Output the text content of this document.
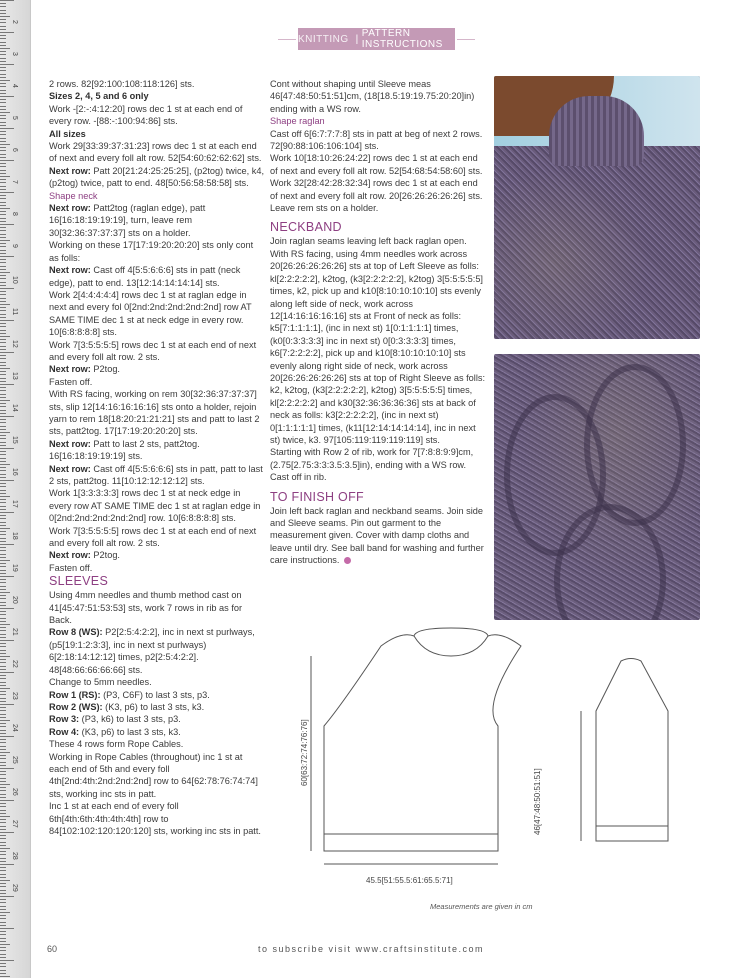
2
3
4
5
6
7
8
9
10
11
12
13
14
15
16
17
18
19
20
21
22
23
24
25
26
27
28
29
KNITTING | PATTERN INSTRUCTIONS

2 rows. 82[92:100:108:118:126] sts.

Sizes 2, 4, 5 and 6 only

Work -[2:-:4:12:20] rows dec 1 st at each end of every row. -[88:-:100:94:86] sts.

All sizes

Work 29[33:39:37:31:23] rows dec 1 st at each end of next and every foll alt row. 52[54:60:62:62:62] sts.

Next row: Patt 20[21:24:25:25:25], (p2tog) twice, k4, (p2tog) twice, patt to end. 48[50:56:58:58:58] sts.

Shape neck

Next row: Patt2tog (raglan edge), patt 16[16:18:19:19:19], turn, leave rem 30[32:36:37:37:37] sts on a holder.

Working on these 17[17:19:20:20:20] sts only cont as folls:

Next row: Cast off 4[5:5:6:6:6] sts in patt (neck edge), patt to end. 13[12:14:14:14:14] sts.

Work 2[4:4:4:4:4] rows dec 1 st at raglan edge in next and every fol 0[2nd:2nd:2nd:2nd:2nd] row AT SAME TIME dec 1 st at neck edge in every row. 10[6:8:8:8:8] sts.

Work 7[3:5:5:5:5] rows dec 1 st at each end of next and every foll alt row. 2 sts.

Next row: P2tog.

Fasten off.

With RS facing, working on rem 30[32:36:37:37:37] sts, slip 12[14:16:16:16:16] sts onto a holder, rejoin yarn to rem 18[18:20:21:21:21] sts and patt to last 2 sts, patt2tog. 17[17:19:20:20:20] sts.

Next row: Patt to last 2 sts, patt2tog. 16[16:18:19:19:19] sts.

Next row: Cast off 4[5:5:6:6:6] sts in patt, patt to last 2 sts, patt2tog. 11[10:12:12:12:12] sts.

Work 1[3:3:3:3:3] rows dec 1 st at neck edge in every row AT SAME TIME dec 1 st at raglan edge in 0[2nd:2nd:2nd:2nd:2nd] row. 10[6:8:8:8:8] sts.

Work 7[3:5:5:5:5] rows dec 1 st at each end of next and every foll alt row. 2 sts.

Next row: P2tog.

Fasten off.

SLEEVES

Using 4mm needles and thumb method cast on 41[45:47:51:53:53] sts, work 7 rows in rib as for Back.

Row 8 (WS): P2[2:5:4:2:2], inc in next st purlways, (p5[19:1:2:3:3], inc in next st purlways) 6[2:18:14:12:12] times, p2[2:5:4:2:2]. 48[48:66:66:66:66] sts.

Change to 5mm needles.

Row 1 (RS): (P3, C6F) to last 3 sts, p3.

Row 2 (WS): (K3, p6) to last 3 sts, k3.

Row 3: (P3, k6) to last 3 sts, p3.

Row 4: (K3, p6) to last 3 sts, k3.

These 4 rows form Rope Cables.

Working in Rope Cables (throughout) inc 1 st at each end of 5th and every foll 4th[2nd:4th:2nd:2nd:2nd] row to 64[62:78:76:74:74] sts, working inc sts in patt.

Inc 1 st at each end of every foll 6th[4th:6th:4th:4th:4th] row to 84[102:102:120:120:120] sts, working inc sts in patt.

Cont without shaping until Sleeve meas 46[47:48:50:51:51]cm, (18[18.5:19:19.75:20:20]in) ending with a WS row.

Shape raglan

Cast off 6[6:7:7:7:8] sts in patt at beg of next 2 rows. 72[90:88:106:106:104] sts.

Work 10[18:10:26:24:22] rows dec 1 st at each end of next and every foll alt row. 52[54:68:54:58:60] sts.

Work 32[28:42:28:32:34] rows dec 1 st at each end of next and every foll alt row. 20[26:26:26:26:26] sts.

Leave rem sts on a holder.

NECKBAND

Join raglan seams leaving left back raglan open. With RS facing, using 4mm needles work across 20[26:26:26:26:26] sts at top of Left Sleeve as folls: kl[2:2:2:2:2], k2tog, (k3[2:2:2:2:2], k2tog) 3[5:5:5:5:5] times, k2, pick up and k10[8:10:10:10:10] sts evenly along left side of neck, work across 12[14:16:16:16:16] sts at Front of neck as folls: k5[7:1:1:1:1], (inc in next st) 1[0:1:1:1:1] times, (k0[0:3:3:3:3] inc in next st) 0[0:3:3:3:3] times, k6[7:2:2:2:2], pick up and k10[8:10:10:10:10] sts evenly along right side of neck, work across 20[26:26:26:26:26] sts at top of Right Sleeve as folls: k2, k2tog, (k3[2:2:2:2:2], k2tog) 3[5:5:5:5:5] times, kl[2:2:2:2:2] and k30[32:36:36:36:36] sts at back of neck as folls: k3[2:2:2:2:2], (inc in next st) 0[1:1:1:1:1] times, (k11[12:14:14:14:14], inc in next st) twice, k3. 97[105:119:119:119:119] sts.

Starting with Row 2 of rib, work for 7[7:8:8:9:9]cm, (2.75[2.75:3:3:3.5:3.5]in), ending with a WS row.

Cast off in rib.

TO FINISH OFF

Join left back raglan and neckband seams. Join side and Sleeve seams. Pin out garment to the measurement given. Cover with damp cloths and leave until dry. See ball band for washing and further care instructions.

60[63:72:74:76:76]
45.5[51:55.5:61:65.5:71]
46[47:48:50:51:51]
Measurements are given in cm
60	to subscribe visit www.craftsinstitute.com
